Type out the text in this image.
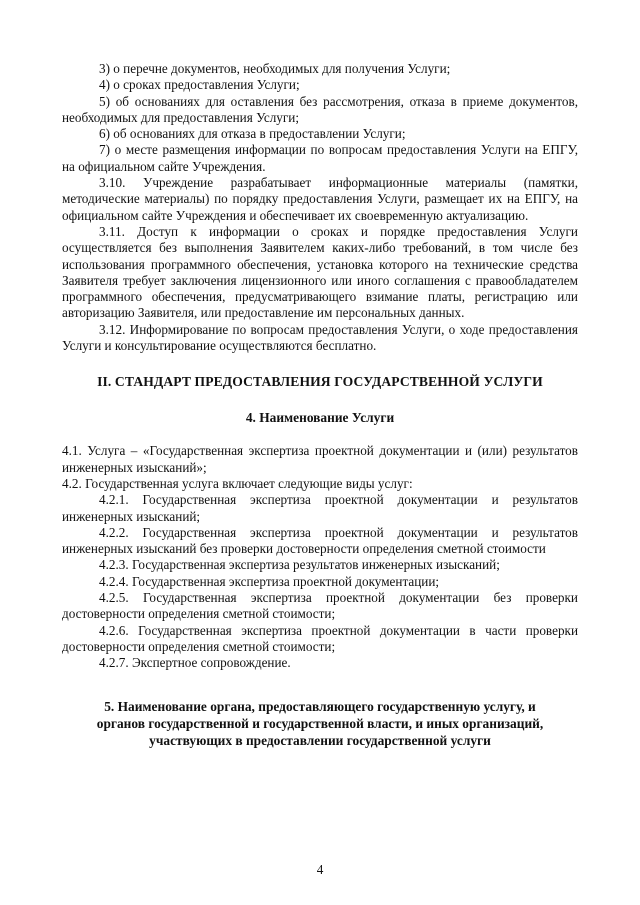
3) о перечне документов, необходимых для получения Услуги;

4) о сроках предоставления Услуги;

5) об основаниях для оставления без рассмотрения, отказа в приеме документов, необходимых для предоставления Услуги;

6) об основаниях для отказа в предоставлении Услуги;

7) о месте размещения информации по вопросам предоставления Услуги на ЕПГУ, на официальном сайте Учреждения.

3.10. Учреждение разрабатывает информационные материалы (памятки, методические материалы) по порядку предоставления Услуги, размещает их на ЕПГУ, на официальном сайте Учреждения и обеспечивает их своевременную актуализацию.

3.11. Доступ к информации о сроках и порядке предоставления Услуги осуществляется без выполнения Заявителем каких-либо требований, в том числе без использования программного обеспечения, установка которого на технические средства Заявителя требует заключения лицензионного или иного соглашения с правообладателем программного обеспечения, предусматривающего взимание платы, регистрацию или авторизацию Заявителя, или предоставление им персональных данных.

3.12. Информирование по вопросам предоставления Услуги, о ходе предоставления Услуги и консультирование осуществляются бесплатно.

II. СТАНДАРТ ПРЕДОСТАВЛЕНИЯ ГОСУДАРСТВЕННОЙ УСЛУГИ
4. Наименование Услуги

4.1. Услуга – «Государственная экспертиза проектной документации и (или) результатов инженерных изысканий»;

4.2. Государственная услуга включает следующие виды услуг:

4.2.1. Государственная экспертиза проектной документации и результатов инженерных изысканий;

4.2.2. Государственная экспертиза проектной документации и результатов инженерных изысканий без проверки достоверности определения сметной стоимости

4.2.3. Государственная экспертиза результатов инженерных изысканий;

4.2.4. Государственная экспертиза проектной документации;

4.2.5. Государственная экспертиза проектной документации без проверки достоверности определения сметной стоимости;

4.2.6. Государственная экспертиза проектной документации в части проверки достоверности определения сметной стоимости;

4.2.7. Экспертное сопровождение.

5. Наименование органа, предоставляющего государственную услугу, и
органов государственной и государственной власти, и иных организаций,
участвующих в предоставлении государственной услуги
4
